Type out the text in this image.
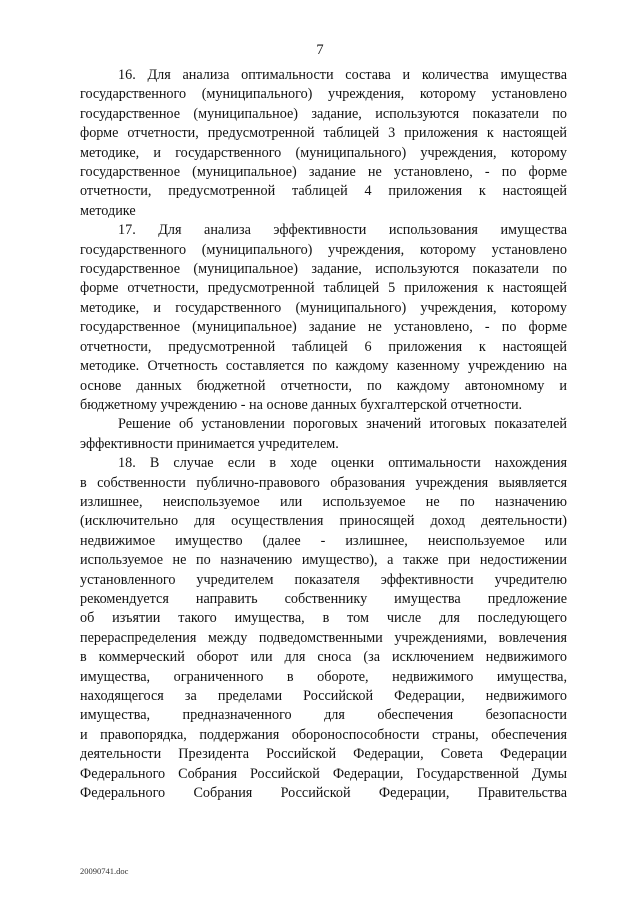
7
16. Для анализа оптимальности состава и количества имущества
государственного (муниципального) учреждения, которому установлено
государственное (муниципальное) задание, используются показатели по
форме отчетности, предусмотренной таблицей 3 приложения к настоящей
методике, и государственного (муниципального) учреждения, которому
государственное (муниципальное) задание не установлено, - по форме
отчетности, предусмотренной таблицей 4 приложения к настоящей
методике
17. Для анализа эффективности использования имущества
государственного (муниципального) учреждения, которому установлено
государственное (муниципальное) задание, используются показатели по
форме отчетности, предусмотренной таблицей 5 приложения к настоящей
методике, и государственного (муниципального) учреждения, которому
государственное (муниципальное) задание не установлено, - по форме
отчетности, предусмотренной таблицей 6 приложения к настоящей
методике. Отчетность составляется по каждому казенному учреждению на
основе данных бюджетной отчетности, по каждому автономному и
бюджетному учреждению - на основе данных бухгалтерской отчетности.
Решение об установлении пороговых значений итоговых показателей
эффективности принимается учредителем.
18. В случае если в ходе оценки оптимальности нахождения
в собственности публично-правового образования учреждения выявляется
излишнее, неиспользуемое или используемое не по назначению
(исключительно для осуществления приносящей доход деятельности)
недвижимое имущество (далее - излишнее, неиспользуемое или
используемое не по назначению имущество), а также при недостижении
установленного учредителем показателя эффективности учредителю
рекомендуется направить собственнику имущества предложение
об изъятии такого имущества, в том числе для последующего
перераспределения между подведомственными учреждениями, вовлечения
в коммерческий оборот или для сноса (за исключением недвижимого
имущества, ограниченного в обороте, недвижимого имущества,
находящегося за пределами Российской Федерации, недвижимого
имущества, предназначенного для обеспечения безопасности
и правопорядка, поддержания обороноспособности страны, обеспечения
деятельности Президента Российской Федерации, Совета Федерации
Федерального Собрания Российской Федерации, Государственной Думы
Федерального Собрания Российской Федерации, Правительства
20090741.doc
